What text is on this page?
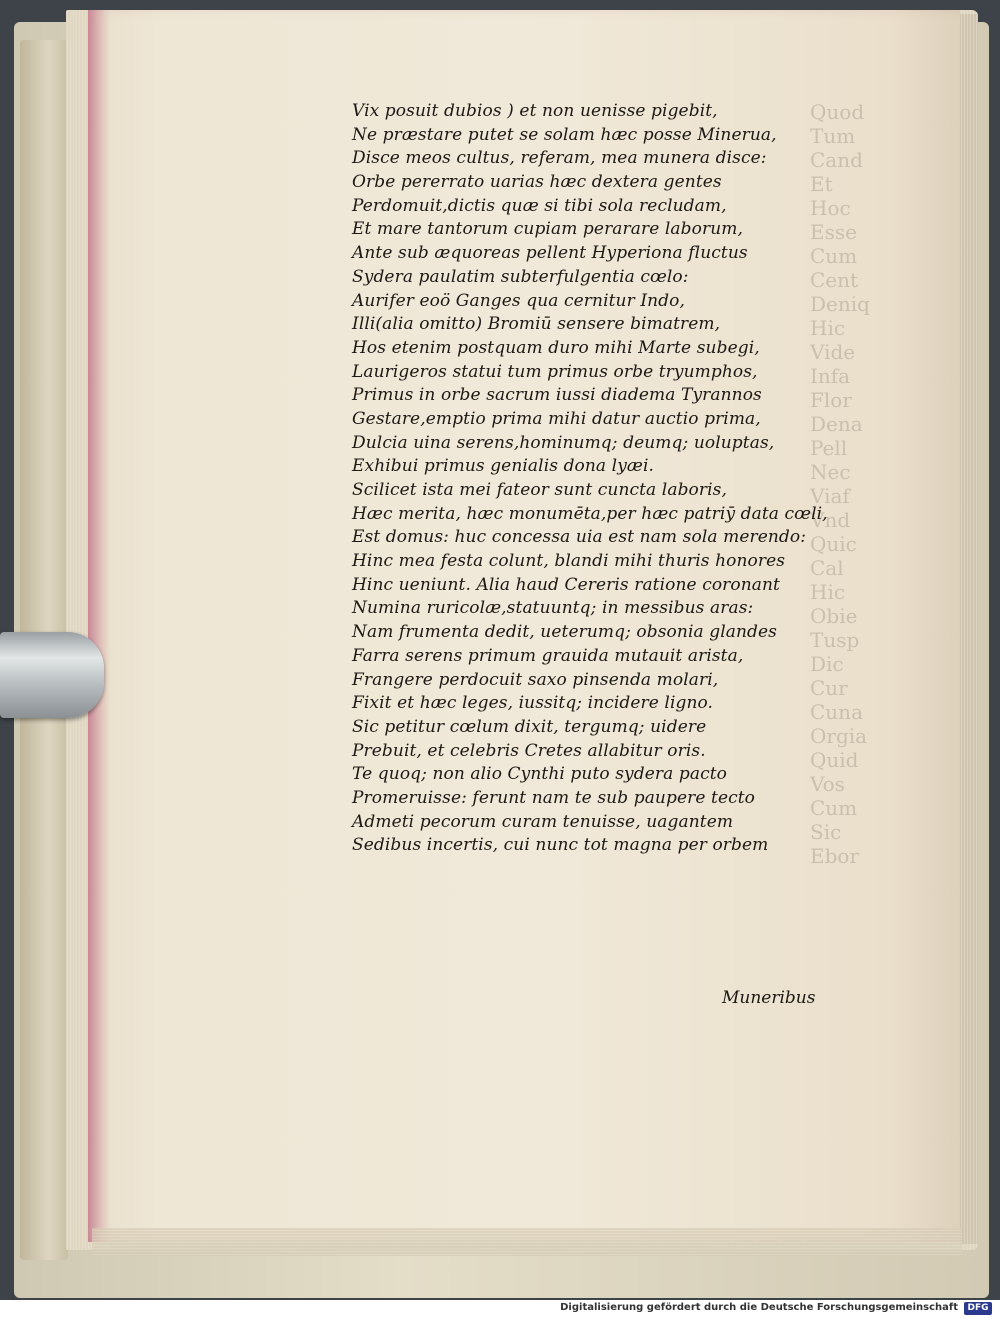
Quod
Tum
Cand
Et
Hoc
Esse
Cum
Cent
Deniq
Hic
Vide
Infa
Flor
Dena
Pell
Nec
Viaf
Vnd
Quic
Cal
Hic
Obie
Tusp
Dic
Cur
Cuna
Orgia
Quid
Vos
Cum
Sic
Ebor
Vix posuit dubios ) et non uenisse pigebit,
Ne præstare putet se solam hæc posse Minerua,
Disce meos cultus, referam, mea munera disce:
Orbe pererrato uarias hæc dextera gentes
Perdomuit,dictis quæ si tibi sola recludam,
Et mare tantorum cupiam perarare laborum,
Ante sub æquoreas pellent Hyperiona fluctus
Sydera paulatim subterfulgentia cœlo:
Aurifer eoö Ganges qua cernitur Indo,
Illi(alia omitto) Bromiū sensere bimatrem,
Hos etenim postquam duro mihi Marte subegi,
Laurigeros statui tum primus orbe tryumphos,
Primus in orbe sacrum iussi diadema Tyrannos
Gestare,emptio prima mihi datur auctio prima,
Dulcia uina serens,hominumq; deumq; uoluptas,
Exhibui primus genialis dona lyæi.
Scilicet ista mei fateor sunt cuncta laboris,
Hæc merita, hæc monumēta,per hæc patriȳ data cœli,
Est domus: huc concessa uia est nam sola merendo:
Hinc mea festa colunt, blandi mihi thuris honores
Hinc ueniunt. Alia haud Cereris ratione coronant
Numina ruricolæ,statuuntq; in messibus aras:
Nam frumenta dedit, ueterumq; obsonia glandes
Farra serens primum grauida mutauit arista,
Frangere perdocuit saxo pinsenda molari,
Fixit et hæc leges, iussitq; incidere ligno.
Sic petitur cœlum dixit, tergumq; uidere
Prebuit, et celebris Cretes allabitur oris.
Te quoq; non alio Cynthi puto sydera pacto
Promeruisse: ferunt nam te sub paupere tecto
Admeti pecorum curam tenuisse, uagantem
Sedibus incertis, cui nunc tot magna per orbem
Muneribus
Digitalisierung gefördert durch die Deutsche Forschungsgemeinschaft	DFG
